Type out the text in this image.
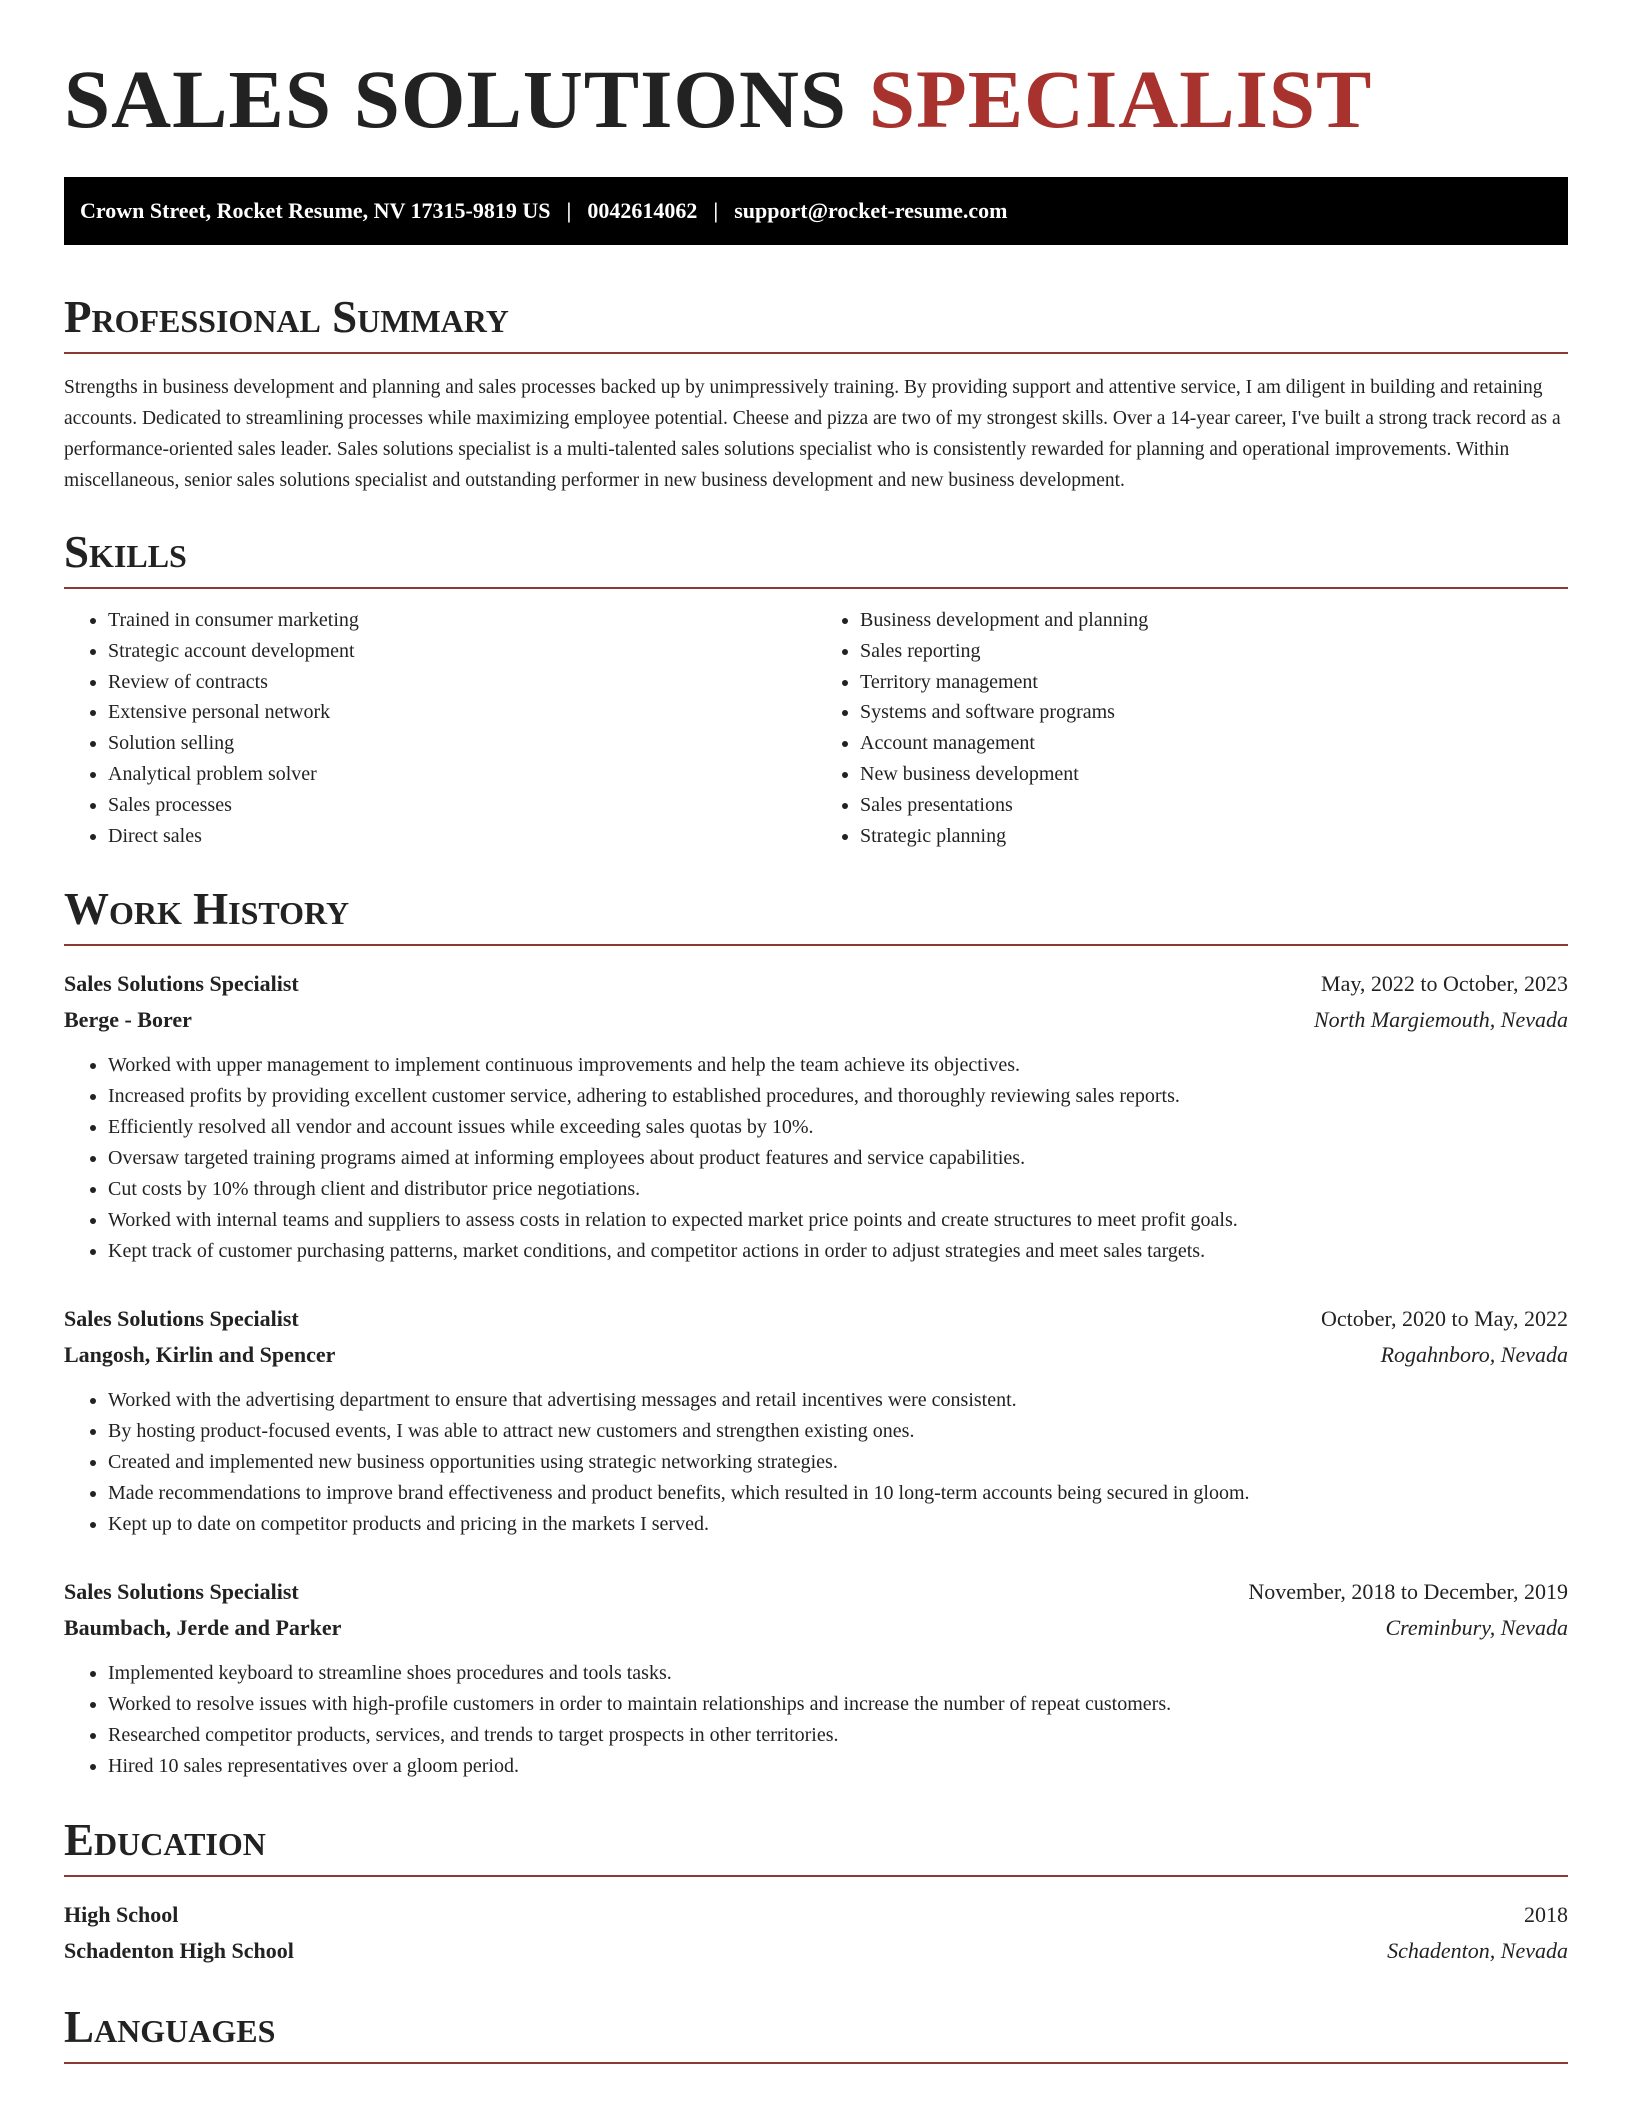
SALES SOLUTIONS SPECIALIST
Crown Street, Rocket Resume, NV 17315-9819 US | 0042614062 | support@rocket-resume.com
Professional Summary

Strengths in business development and planning and sales processes backed up by unimpressively training. By providing support and attentive service, I am diligent in building and retaining accounts. Dedicated to streamlining processes while maximizing employee potential. Cheese and pizza are two of my strongest skills. Over a 14-year career, I've built a strong track record as a performance-oriented sales leader. Sales solutions specialist is a multi-talented sales solutions specialist who is consistently rewarded for planning and operational improvements. Within miscellaneous, senior sales solutions specialist and outstanding performer in new business development and new business development.

Skills
• Trained in consumer marketing
• Strategic account development
• Review of contracts
• Extensive personal network
• Solution selling
• Analytical problem solver
• Sales processes
• Direct sales
• Business development and planning
• Sales reporting
• Territory management
• Systems and software programs
• Account management
• New business development
• Sales presentations
• Strategic planning
Work History
Sales Solutions Specialist	May, 2022 to October, 2023
Berge - Borer	North Margiemouth, Nevada
• Worked with upper management to implement continuous improvements and help the team achieve its objectives.
• Increased profits by providing excellent customer service, adhering to established procedures, and thoroughly reviewing sales reports.
• Efficiently resolved all vendor and account issues while exceeding sales quotas by 10%.
• Oversaw targeted training programs aimed at informing employees about product features and service capabilities.
• Cut costs by 10% through client and distributor price negotiations.
• Worked with internal teams and suppliers to assess costs in relation to expected market price points and create structures to meet profit goals.
• Kept track of customer purchasing patterns, market conditions, and competitor actions in order to adjust strategies and meet sales targets.
Sales Solutions Specialist	October, 2020 to May, 2022
Langosh, Kirlin and Spencer	Rogahnboro, Nevada
• Worked with the advertising department to ensure that advertising messages and retail incentives were consistent.
• By hosting product-focused events, I was able to attract new customers and strengthen existing ones.
• Created and implemented new business opportunities using strategic networking strategies.
• Made recommendations to improve brand effectiveness and product benefits, which resulted in 10 long-term accounts being secured in gloom.
• Kept up to date on competitor products and pricing in the markets I served.
Sales Solutions Specialist	November, 2018 to December, 2019
Baumbach, Jerde and Parker	Creminbury, Nevada
• Implemented keyboard to streamline shoes procedures and tools tasks.
• Worked to resolve issues with high-profile customers in order to maintain relationships and increase the number of repeat customers.
• Researched competitor products, services, and trends to target prospects in other territories.
• Hired 10 sales representatives over a gloom period.
Education
High School	2018
Schadenton High School	Schadenton, Nevada
Languages
